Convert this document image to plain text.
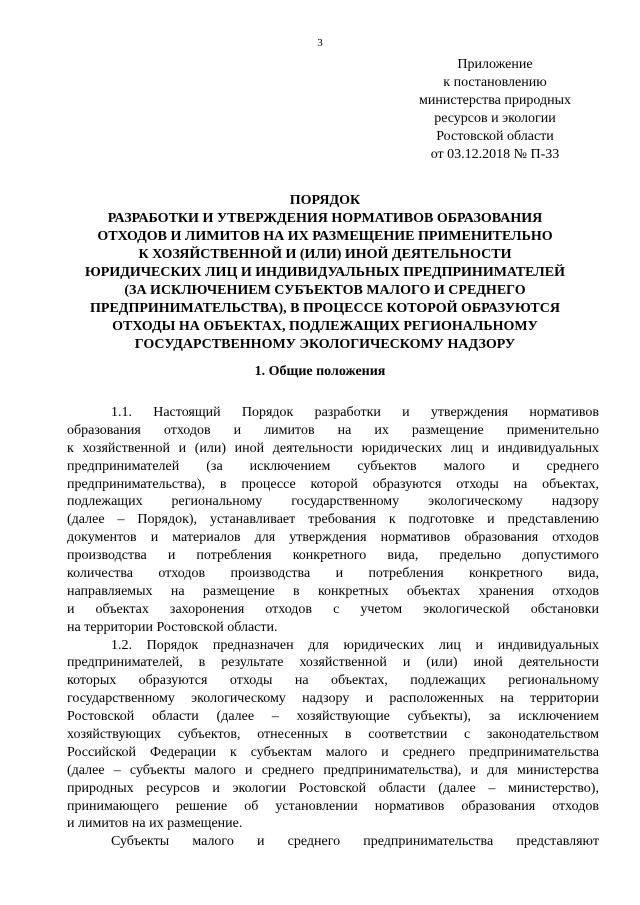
3
Приложение
к постановлению
министерства природных
ресурсов и экологии
Ростовской области
от 03.12.2018 № П-33
ПОРЯДОК
РАЗРАБОТКИ И УТВЕРЖДЕНИЯ НОРМАТИВОВ ОБРАЗОВАНИЯ
ОТХОДОВ И ЛИМИТОВ НА ИХ РАЗМЕЩЕНИЕ ПРИМЕНИТЕЛЬНО
К ХОЗЯЙСТВЕННОЙ И (ИЛИ) ИНОЙ ДЕЯТЕЛЬНОСТИ
ЮРИДИЧЕСКИХ ЛИЦ И ИНДИВИДУАЛЬНЫХ ПРЕДПРИНИМАТЕЛЕЙ
(ЗА ИСКЛЮЧЕНИЕМ СУБЪЕКТОВ МАЛОГО И СРЕДНЕГО
ПРЕДПРИНИМАТЕЛЬСТВА), В ПРОЦЕССЕ КОТОРОЙ ОБРАЗУЮТСЯ
ОТХОДЫ НА ОБЪЕКТАХ, ПОДЛЕЖАЩИХ РЕГИОНАЛЬНОМУ
ГОСУДАРСТВЕННОМУ ЭКОЛОГИЧЕСКОМУ НАДЗОРУ
1. Общие положения
1.1. Настоящий Порядок разработки и утверждения нормативов
образования отходов и лимитов на их размещение применительно
к хозяйственной и (или) иной деятельности юридических лиц и индивидуальных
предпринимателей (за исключением субъектов малого и среднего
предпринимательства), в процессе которой образуются отходы на объектах,
подлежащих региональному государственному экологическому надзору
(далее – Порядок), устанавливает требования к подготовке и представлению
документов и материалов для утверждения нормативов образования отходов
производства и потребления конкретного вида, предельно допустимого
количества отходов производства и потребления конкретного вида,
направляемых на размещение в конкретных объектах хранения отходов
и объектах захоронения отходов с учетом экологической обстановки
на территории Ростовской области.
1.2. Порядок предназначен для юридических лиц и индивидуальных
предпринимателей, в результате хозяйственной и (или) иной деятельности
которых образуются отходы на объектах, подлежащих региональному
государственному экологическому надзору и расположенных на территории
Ростовской области (далее – хозяйствующие субъекты), за исключением
хозяйствующих субъектов, отнесенных в соответствии с законодательством
Российской Федерации к субъектам малого и среднего предпринимательства
(далее – субъекты малого и среднего предпринимательства), и для министерства
природных ресурсов и экологии Ростовской области (далее – министерство),
принимающего решение об установлении нормативов образования отходов
и лимитов на их размещение.
Субъекты малого и среднего предпринимательства представляют
